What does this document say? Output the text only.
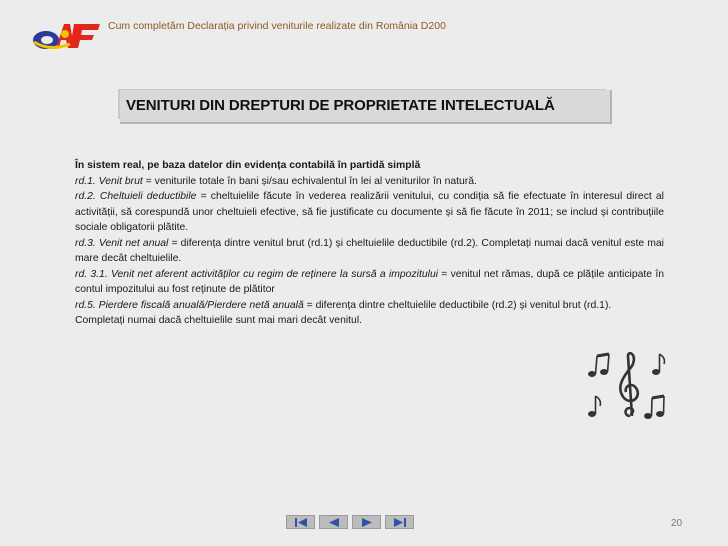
Cum completăm Declarația privind veniturile realizate din România D200
VENITURI DIN DREPTURI DE PROPRIETATE INTELECTUALĂ

În sistem real, pe baza datelor din evidența contabilă în partidă simplă

rd.1. Venit brut = veniturile totale în bani și/sau echivalentul în lei al veniturilor în natură.

rd.2. Cheltuieli deductibile = cheltuielile făcute în vederea realizării venitului, cu condiția să fie efectuate în interesul direct al activității, să corespundă unor cheltuieli efective, să fie justificate cu documente și să fie făcute în 2011; se includ și contribuțiile sociale obligatorii plătite.

rd.3. Venit net anual = diferența dintre venitul brut (rd.1) și cheltuielile deductibile (rd.2). Completați numai dacă venitul este mai mare decât cheltuielile.

rd. 3.1. Venit net aferent activităților cu regim de reținere la sursă a impozitului = venitul net rămas, după ce plățile anticipate în contul impozitului au fost reținute de plătitor

rd.5. Pierdere fiscală anuală/Pierdere netă anuală = diferența dintre cheltuielile deductibile (rd.2) și venitul brut (rd.1).

Completați numai dacă cheltuielile sunt mai mari decât venitul.

20
